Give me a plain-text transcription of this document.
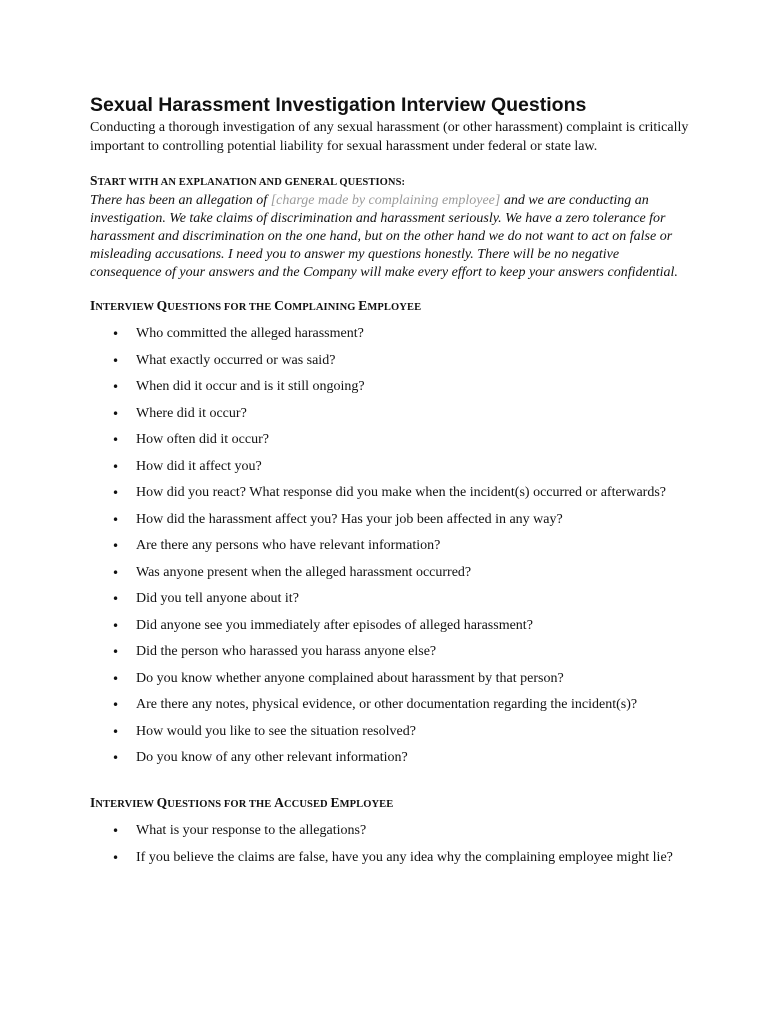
Sexual Harassment Investigation Interview Questions

Conducting a thorough investigation of any sexual harassment (or other harassment) complaint is critically important to controlling potential liability for sexual harassment under federal or state law.

START WITH AN EXPLANATION AND GENERAL QUESTIONS:

There has been an allegation of [charge made by complaining employee] and we are conducting an investigation. We take claims of discrimination and harassment seriously. We have a zero tolerance for harassment and discrimination on the one hand, but on the other hand we do not want to act on false or misleading accusations. I need you to answer my questions honestly. There will be no negative consequence of your answers and the Company will make every effort to keep your answers confidential.

INTERVIEW QUESTIONS FOR THE COMPLAINING EMPLOYEE

• Who committed the alleged harassment?
• What exactly occurred or was said?
• When did it occur and is it still ongoing?
• Where did it occur?
• How often did it occur?
• How did it affect you?
• How did you react? What response did you make when the incident(s) occurred or afterwards?
• How did the harassment affect you? Has your job been affected in any way?
• Are there any persons who have relevant information?
• Was anyone present when the alleged harassment occurred?
• Did you tell anyone about it?
• Did anyone see you immediately after episodes of alleged harassment?
• Did the person who harassed you harass anyone else?
• Do you know whether anyone complained about harassment by that person?
• Are there any notes, physical evidence, or other documentation regarding the incident(s)?
• How would you like to see the situation resolved?
• Do you know of any other relevant information?

INTERVIEW QUESTIONS FOR THE ACCUSED EMPLOYEE

• What is your response to the allegations?
• If you believe the claims are false, have you any idea why the complaining employee might lie?
